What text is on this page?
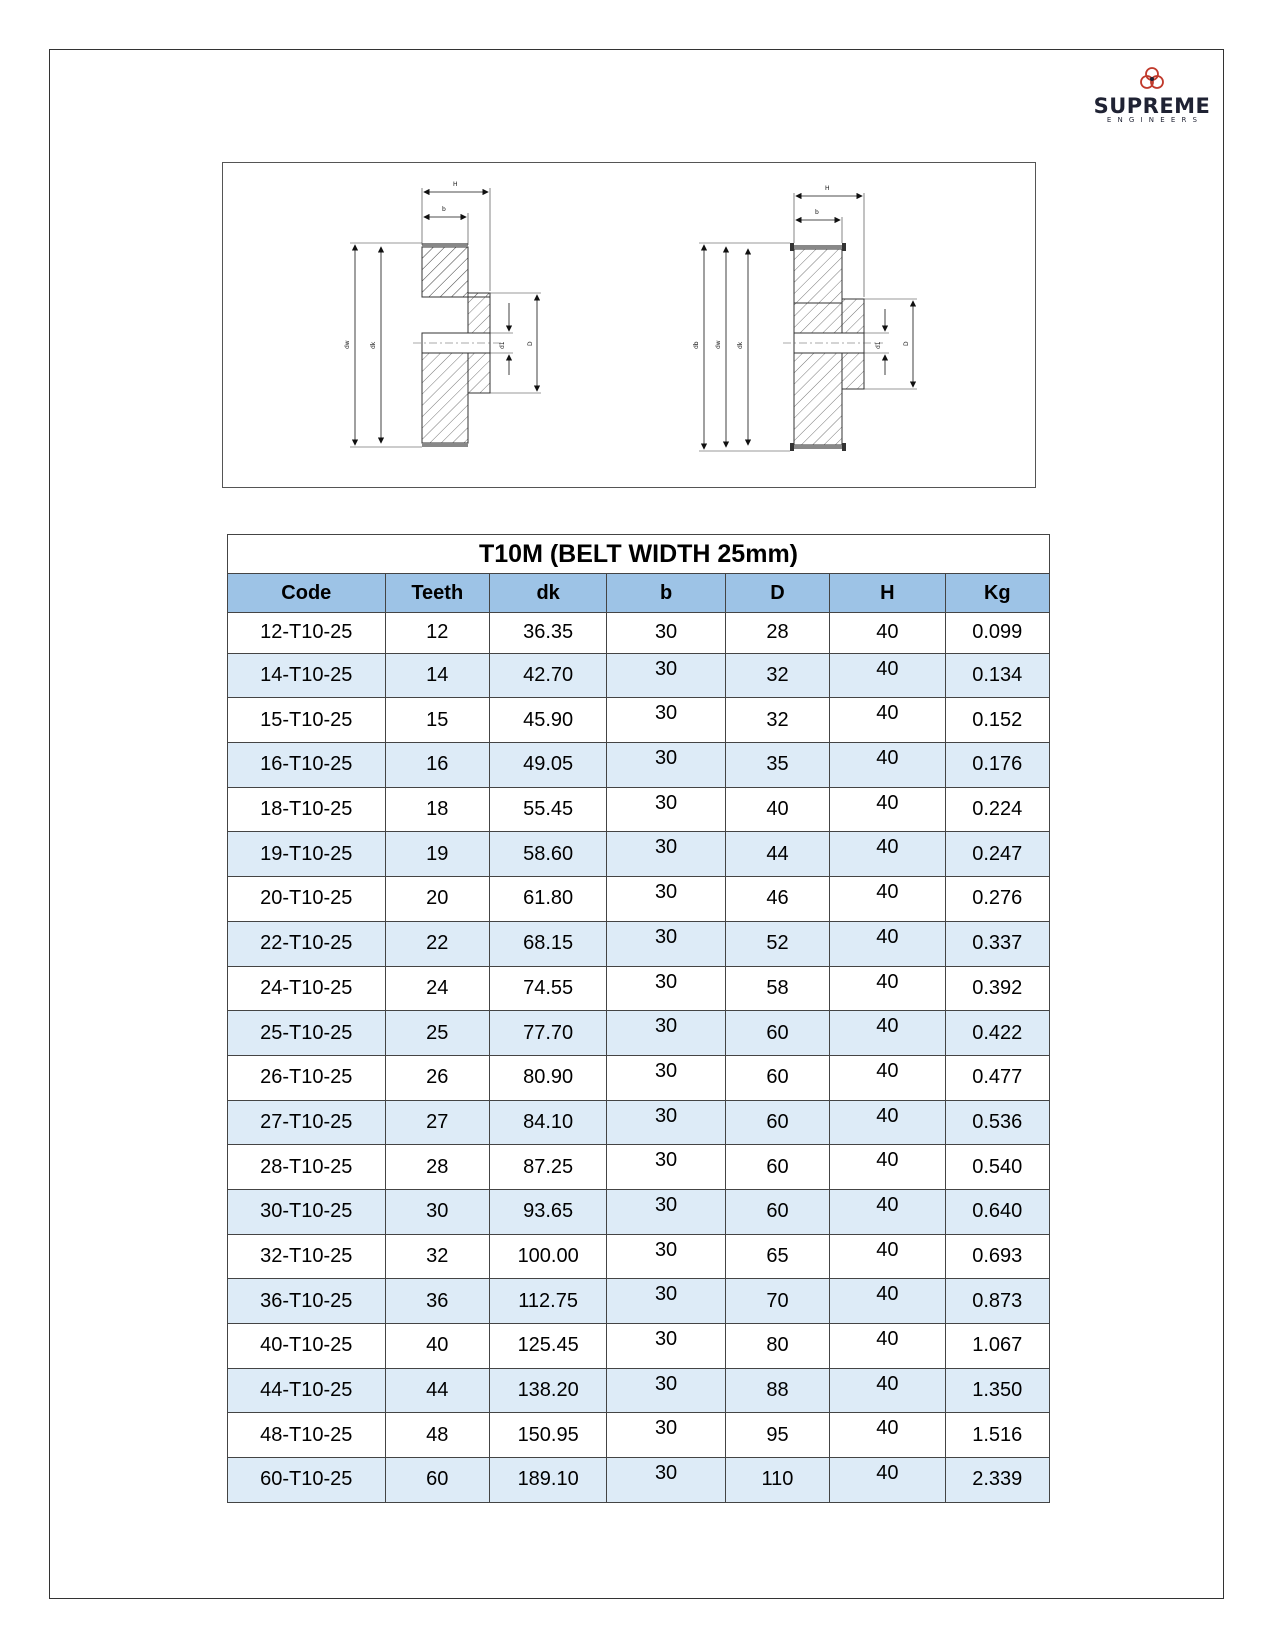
SUPREME
ENGINEERS
H
b
dw	dk	d1	D
H
b
db	dw	dk	d1	D
T10M (BELT WIDTH 25mm)						
Code	Teeth	dk	b	D	H	Kg
12-T10-25	12	36.35	30	28	40	0.099
14-T10-25	14	42.70	30	32	40	0.134
15-T10-25	15	45.90	30	32	40	0.152
16-T10-25	16	49.05	30	35	40	0.176
18-T10-25	18	55.45	30	40	40	0.224
19-T10-25	19	58.60	30	44	40	0.247
20-T10-25	20	61.80	30	46	40	0.276
22-T10-25	22	68.15	30	52	40	0.337
24-T10-25	24	74.55	30	58	40	0.392
25-T10-25	25	77.70	30	60	40	0.422
26-T10-25	26	80.90	30	60	40	0.477
27-T10-25	27	84.10	30	60	40	0.536
28-T10-25	28	87.25	30	60	40	0.540
30-T10-25	30	93.65	30	60	40	0.640
32-T10-25	32	100.00	30	65	40	0.693
36-T10-25	36	112.75	30	70	40	0.873
40-T10-25	40	125.45	30	80	40	1.067
44-T10-25	44	138.20	30	88	40	1.350
48-T10-25	48	150.95	30	95	40	1.516
60-T10-25	60	189.10	30	110	40	2.339
